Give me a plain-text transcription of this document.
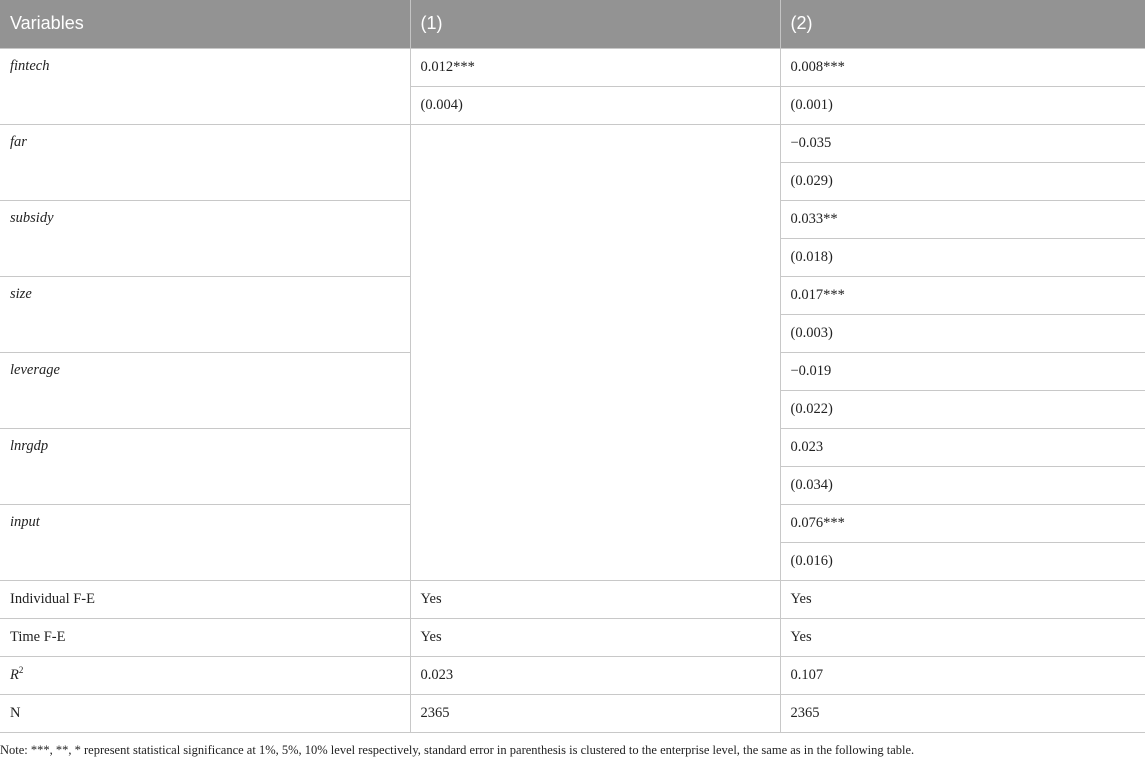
Variables	(1)	(2)
fintech	0.012***	0.008***
	(0.004)	(0.001)
far		−0.035
		(0.029)
subsidy		0.033**
		(0.018)
size		0.017***
		(0.003)
leverage		−0.019
		(0.022)
lnrgdp		0.023
		(0.034)
input		0.076***
		(0.016)
Individual F-E	Yes	Yes
Time F-E	Yes	Yes
$R^2$	0.023	0.107
N	2365	2365
Note: ***, **, * represent statistical significance at 1%, 5%, 10% level respectively, standard error in parenthesis is clustered to the enterprise level, the same as in the following table.
